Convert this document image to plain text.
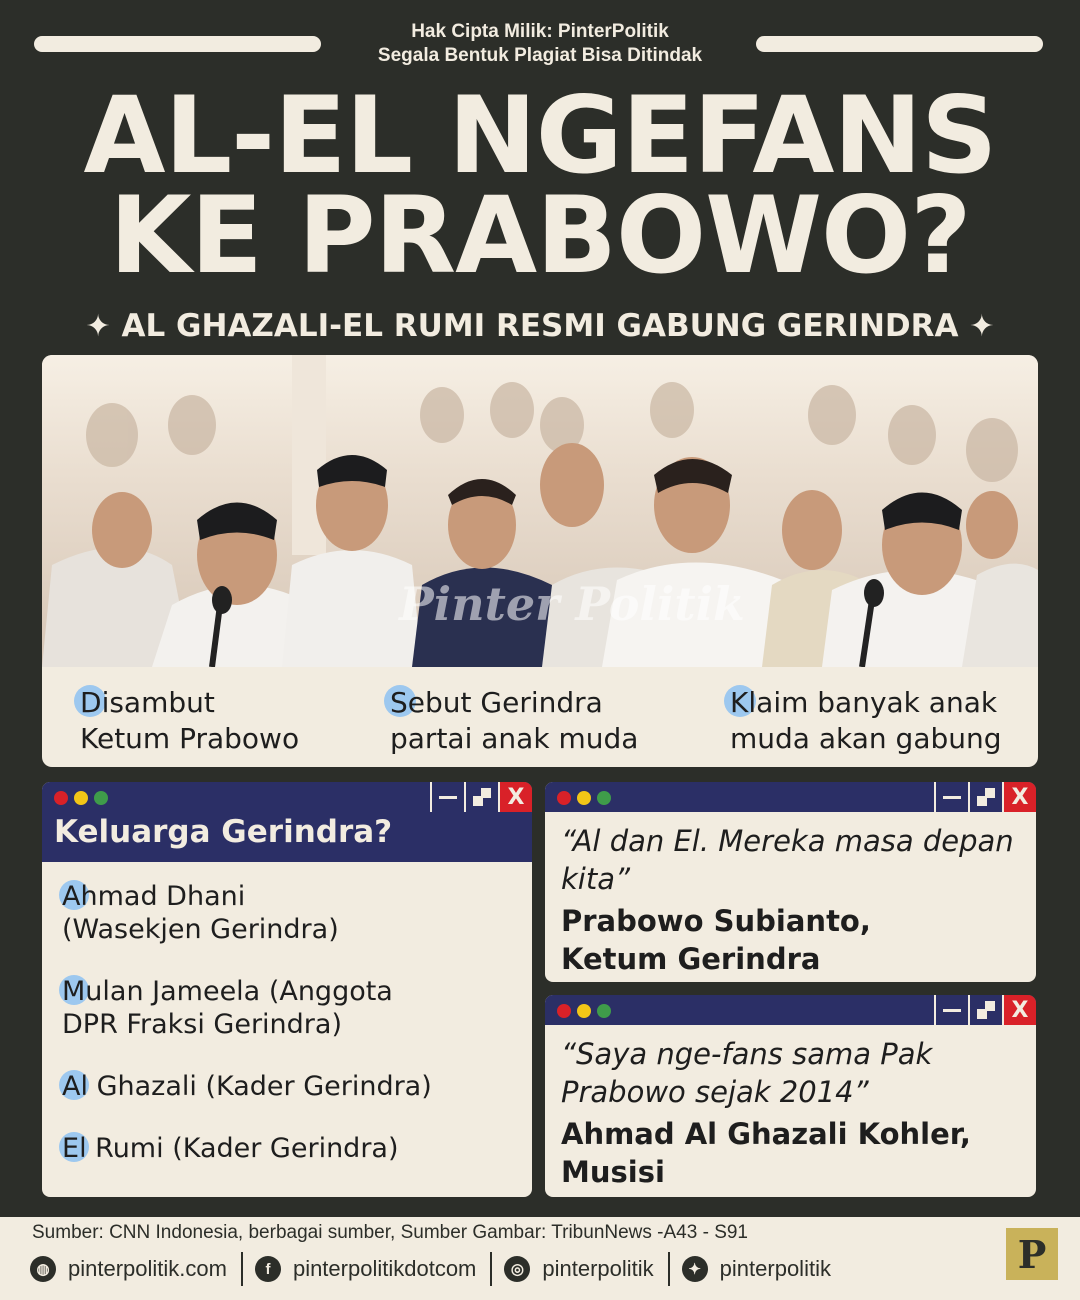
Hak Cipta Milik: PinterPolitik
Segala Bentuk Plagiat Bisa Ditindak
AL-EL NGEFANS
KE PRABOWO?
✦ AL GHAZALI-EL RUMI RESMI GABUNG GERINDRA ✦
Pinter Politik
Disambut
Ketum Prabowo
Sebut Gerindra
partai anak muda
Klaim banyak anak
muda akan gabung
X
Keluarga Gerindra?
Ahmad Dhani
(Wasekjen Gerindra)
Mulan Jameela (Anggota
DPR Fraksi Gerindra)
Al Ghazali (Kader Gerindra)
El Rumi (Kader Gerindra)
X
“Al dan El. Mereka masa depan kita”
Prabowo Subianto,
Ketum Gerindra
X
“Saya nge-fans sama Pak Prabowo sejak 2014”
Ahmad Al Ghazali Kohler,
Musisi
Sumber: CNN Indonesia, berbagai sumber, Sumber Gambar: TribunNews -A43 - S91
◍ pinterpolitik.com	f	pinterpolitikdotcom	◎ pinterpolitik	✦ pinterpolitik	P
